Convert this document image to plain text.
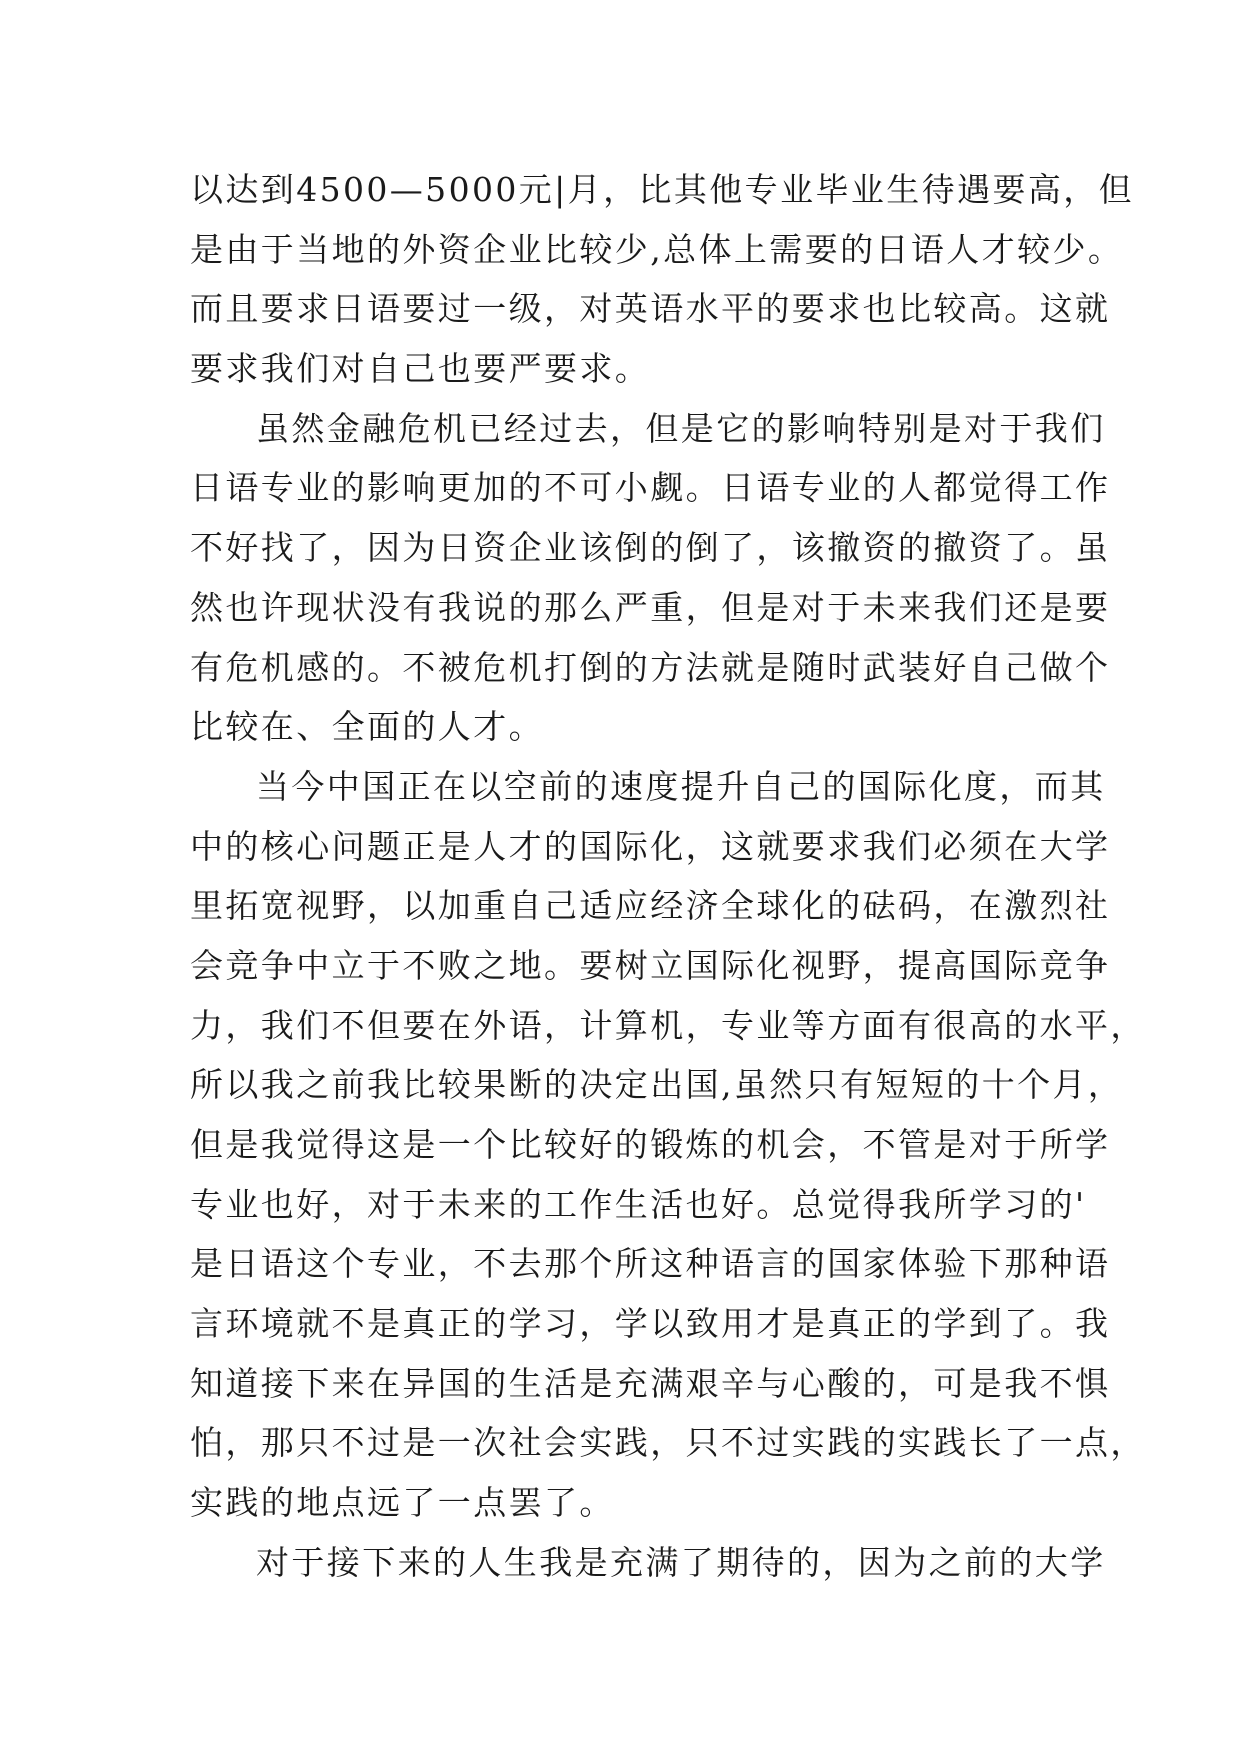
以达到4500—5000元|月，比其他专业毕业生待遇要高，但
是由于当地的外资企业比较少,总体上需要的日语人才较少。
而且要求日语要过一级，对英语水平的要求也比较高。这就
要求我们对自己也要严要求。
虽然金融危机已经过去，但是它的影响特别是对于我们
日语专业的影响更加的不可小觑。日语专业的人都觉得工作
不好找了，因为日资企业该倒的倒了，该撤资的撤资了。虽
然也许现状没有我说的那么严重，但是对于未来我们还是要
有危机感的。不被危机打倒的方法就是随时武装好自己做个
比较在、全面的人才。
当今中国正在以空前的速度提升自己的国际化度，而其
中的核心问题正是人才的国际化，这就要求我们必须在大学
里拓宽视野，以加重自己适应经济全球化的砝码，在激烈社
会竞争中立于不败之地。要树立国际化视野，提高国际竞争
力，我们不但要在外语，计算机，专业等方面有很高的水平，
所以我之前我比较果断的决定出国,虽然只有短短的十个月，
但是我觉得这是一个比较好的锻炼的机会，不管是对于所学
专业也好，对于未来的工作生活也好。总觉得我所学习的'
是日语这个专业，不去那个所这种语言的国家体验下那种语
言环境就不是真正的学习，学以致用才是真正的学到了。我
知道接下来在异国的生活是充满艰辛与心酸的，可是我不惧
怕，那只不过是一次社会实践，只不过实践的实践长了一点，
实践的地点远了一点罢了。
对于接下来的人生我是充满了期待的，因为之前的大学
